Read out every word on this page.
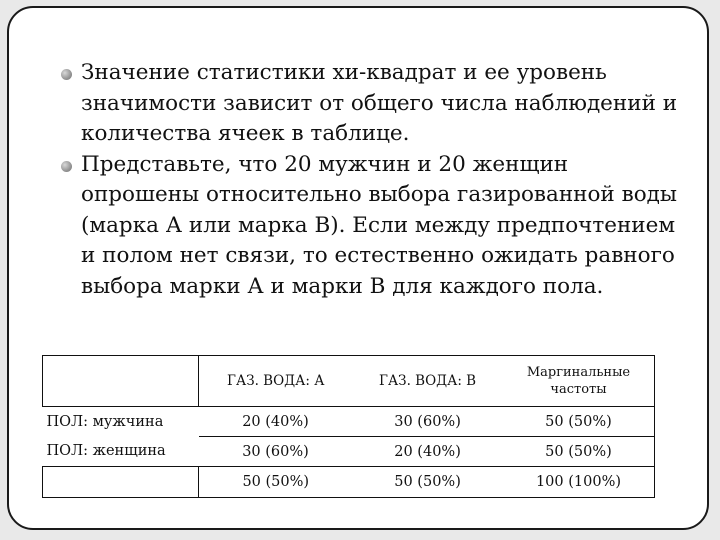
Значение статистики хи-квадрат и ее уровень значимости зависит от общего числа наблюдений и количества ячеек в таблице.
Представьте, что 20 мужчин и 20 женщин опрошены относительно выбора газированной воды (марка А или марка В). Если между предпочтением и полом нет связи, то естественно ожидать равного выбора марки А и марки В для каждого пола.
	ГАЗ. ВОДА: А	ГАЗ. ВОДА: В	Маргинальные частоты
ПОЛ: мужчина	20 (40%)	30 (60%)	50 (50%)
ПОЛ: женщина	30 (60%)	20 (40%)	50 (50%)
	50 (50%)	50 (50%)	100 (100%)
